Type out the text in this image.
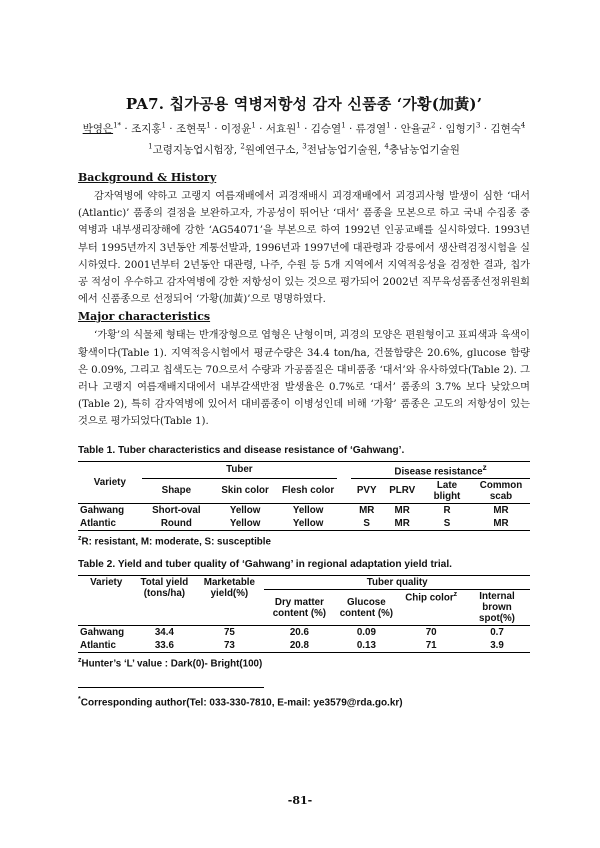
PA7. 칩가공용 역병저항성 감자 신품종 ‘가황(加黃)’
박영은$^{1*}$ · 조지홍$^1$ · 조현묵$^1$ · 이정윤$^1$ · 서효원$^1$ · 김승열$^1$ · 류경열$^1$ · 안율균$^2$ · 임형기$^3$ · 김현숙$^4$
$^1$고령지농업시험장, $^2$원예연구소, $^3$전남농업기술원, $^4$충남농업기술원
Background & History

감자역병에 약하고 고랭지 여름재배에서 괴경재배시 괴경재배에서 괴경괴사형 발생이 심한 ‘대서(Atlantic)’ 품종의 결점을 보완하고자, 가공성이 뛰어난 ‘대서’ 품종을 모본으로 하고 국내 수집종 중 역병과 내부생리장해에 강한 ‘AG54071’을 부본으로 하여 1992년 인공교배를 실시하였다. 1993년부터 1995년까지 3년동안 계통선발과, 1996년과 1997년에 대관령과 강릉에서 생산력검정시험을 실시하였다. 2001년부터 2년동안 대관령, 나주, 수원 등 5개 지역에서 지역적응성을 검정한 결과, 칩가공 적성이 우수하고 감자역병에 강한 저항성이 있는 것으로 평가되어 2002년 직무육성품종선정위원회에서 신품종으로 선정되어 ‘가황(加黃)’으로 명명하였다.

Major characteristics

‘가황’의 식물체 형태는 반개장형으로 엽형은 난형이며, 괴경의 모양은 편원형이고 표피색과 육색이 황색이다(Table 1). 지역적응시험에서 평균수량은 34.4 ton/ha, 건물함량은 20.6%, glucose 함량은 0.09%, 그리고 칩색도는 70으로서 수량과 가공품질은 대비품종 ‘대서’와 유사하였다(Table 2). 그러나 고랭지 여름재배지대에서 내부갈색반점 발생율은 0.7%로 ‘대서’ 품종의 3.7% 보다 낮았으며(Table 2), 특히 감자역병에 있어서 대비품종이 이병성인데 비해 ‘가황’ 품종은 고도의 저항성이 있는 것으로 평가되었다(Table 1).

Table 1. Tuber characteristics and disease resistance of ‘Gahwang’.
Variety	Tuber				Disease resistance$^z$
	Shape	Skin color	Flesh color		PVY	PLRV	Late blight	Common scab
Gahwang	Short-oval	Yellow	Yellow		MR	MR	R	MR
Atlantic	Round	Yellow	Yellow		S	MR	S	MR
$^z$R: resistant, M: moderate, S: susceptible
Table 2. Yield and tuber quality of ‘Gahwang’ in regional adaptation yield trial.
Variety	Total yield (tons/ha)	Marketable yield(%)	Tuber quality			
			Dry matter content (%)	Glucose content (%)	Chip color$^z$	Internal brown spot(%)
Gahwang	34.4	75	20.6	0.09	70	0.7
Atlantic	33.6	73	20.8	0.13	71	3.9
$^z$Hunter’s ‘L’ value : Dark(0)- Bright(100)
*Corresponding author(Tel: 033-330-7810, E-mail: ye3579@rda.go.kr)
-81-
